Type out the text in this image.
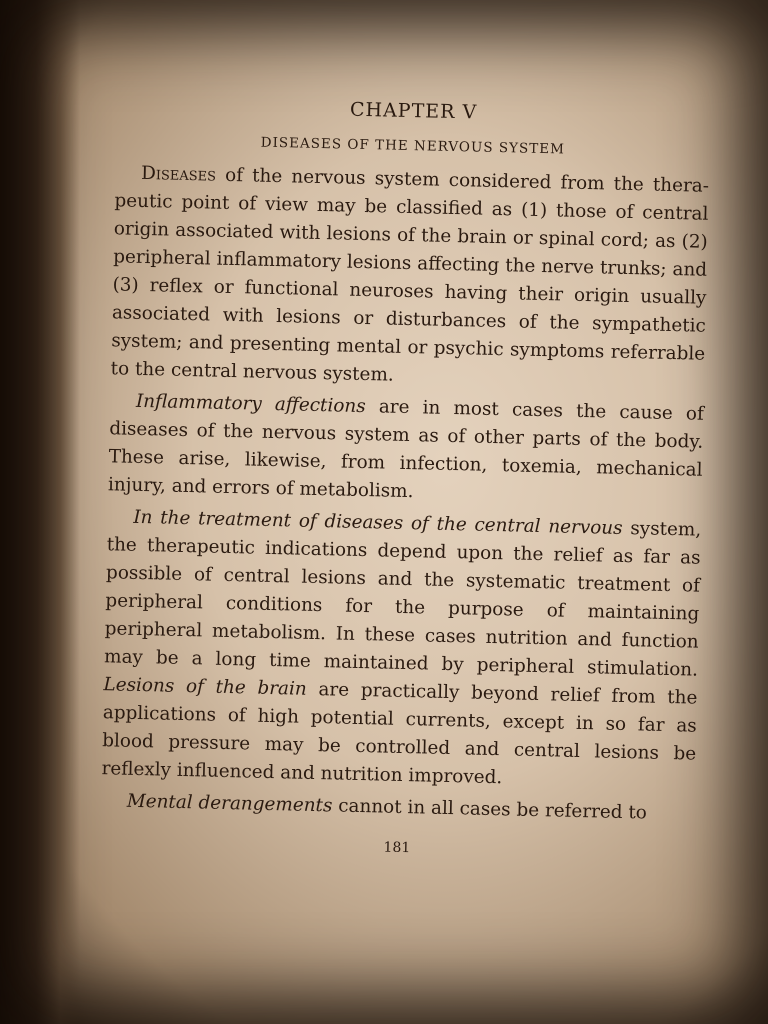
CHAPTER V
DISEASES OF THE NERVOUS SYSTEM

Diseases of the nervous system considered from the therapeutic point of view may be classified as (1) those of central origin associated with lesions of the brain or spinal cord; as (2) peripheral inflammatory lesions affecting the nerve trunks; and (3) reflex or functional neuroses having their origin usually associated with lesions or disturbances of the sympathetic system; and presenting mental or psychic symptoms referrable to the central nervous system.

Inflammatory affections are in most cases the cause of diseases of the nervous system as of other parts of the body. These arise, likewise, from infection, toxemia, mechanical injury, and errors of metabolism.

In the treatment of diseases of the central nervous system, the therapeutic indications depend upon the relief as far as possible of central lesions and the systematic treatment of peripheral conditions for the purpose of maintaining peripheral metabolism. In these cases nutrition and function may be a long time maintained by peripheral stimulation. Lesions of the brain are practically beyond relief from the applications of high potential currents, except in so far as blood pressure may be controlled and central lesions be reflexly influenced and nutrition improved.

Mental derangements cannot in all cases be referred to

181
